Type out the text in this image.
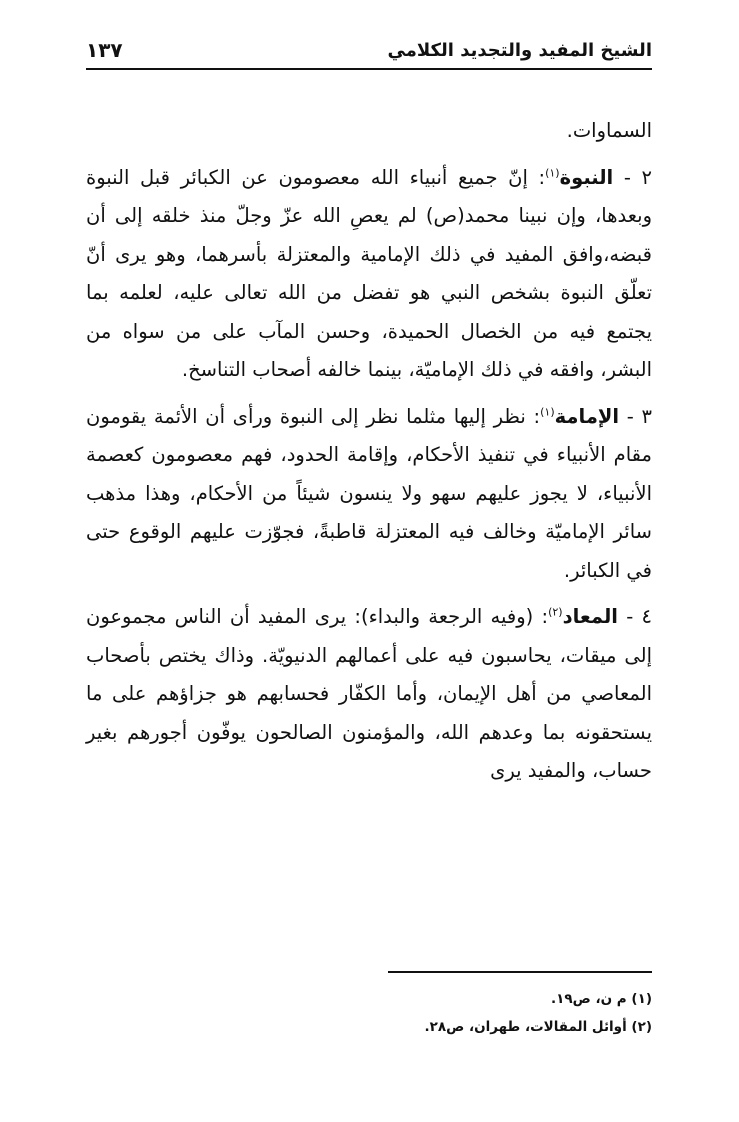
الشيخ المفيد والتجديد الكلامي
١٣٧

السماوات.

٢ - النبوة$^{(١)}$: إنّ جميع أنبياء الله معصومون عن الكبائر قبل النبوة وبعدها، وإن نبينا محمد(ص) لم يعصِ الله عزّ وجلّ منذ خلقه إلى أن قبضه،وافق المفيد في ذلك الإمامية والمعتزلة بأسرهما، وهو يرى أنّ تعلّق النبوة بشخص النبي هو تفضل من الله تعالى عليه، لعلمه بما يجتمع فيه من الخصال الحميدة، وحسن المآب على من سواه من البشر، وافقه في ذلك الإماميّة، بينما خالفه أصحاب التناسخ.

٣ - الإمامة$^{(١)}$: نظر إليها مثلما نظر إلى النبوة ورأى أن الأئمة يقومون مقام الأنبياء في تنفيذ الأحكام، وإقامة الحدود، فهم معصومون كعصمة الأنبياء، لا يجوز عليهم سهو ولا ينسون شيئاً من الأحكام، وهذا مذهب سائر الإماميّة وخالف فيه المعتزلة قاطبةً، فجوّزت عليهم الوقوع حتى في الكبائر.

٤ - المعاد$^{(٢)}$: (وفيه الرجعة والبداء): يرى المفيد أن الناس مجموعون إلى ميقات، يحاسبون فيه على أعمالهم الدنيويّة. وذاك يختص بأصحاب المعاصي من أهل الإيمان، وأما الكفّار فحسابهم هو جزاؤهم على ما يستحقونه بما وعدهم الله، والمؤمنون الصالحون يوفّون أجورهم بغير حساب، والمفيد يرى

(١) م ن، ص١٩.
(٢) أوائل المقالات، طهران، ص٢٨.
